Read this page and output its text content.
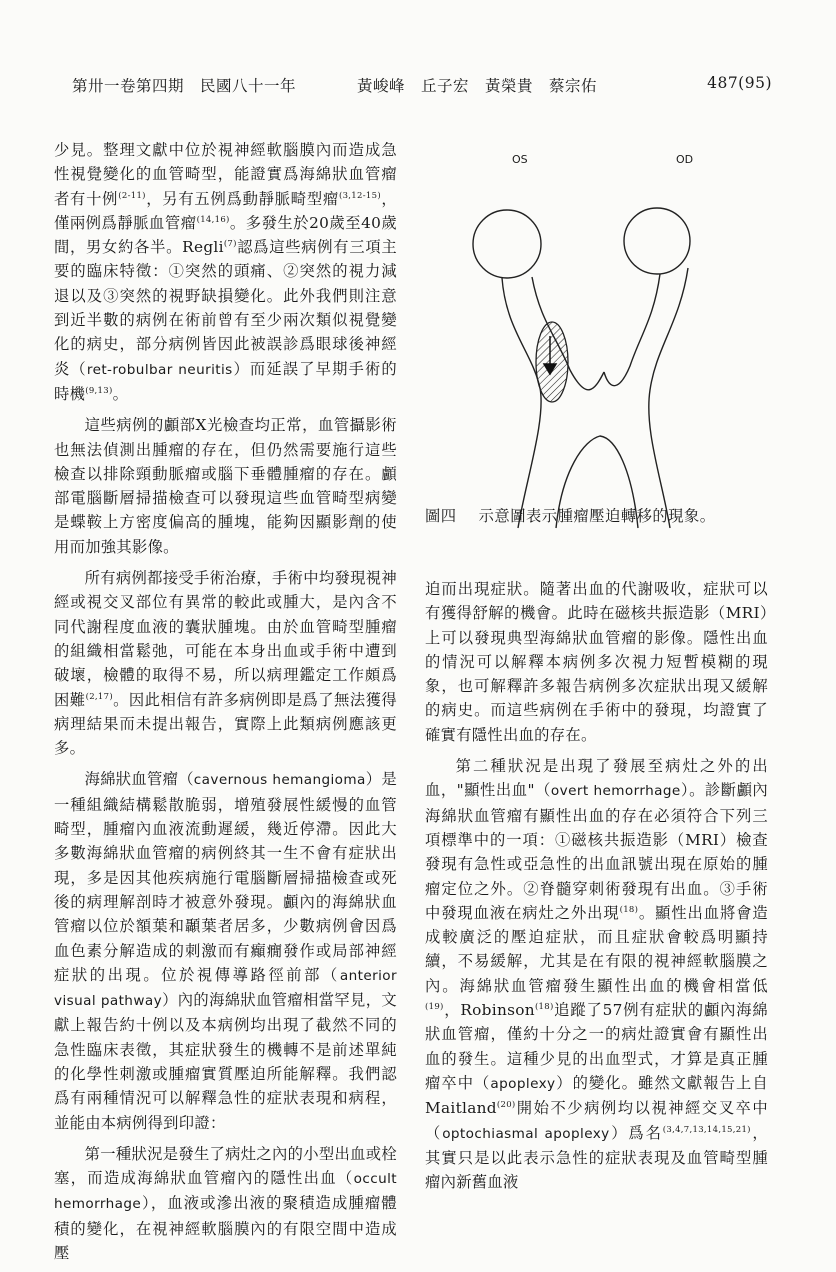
第卅一卷第四期　民國八十一年	黃峻峰　丘子宏　黃榮貴　蔡宗佑	487(95)

少見。整理文獻中位於視神經軟腦膜內而造成急性視覺變化的血管畸型，能證實爲海綿狀血管瘤者有十例$^{(2-11)}$，另有五例爲動靜脈畸型瘤$^{(3,12-15)}$，僅兩例爲靜脈血管瘤$^{(14,16)}$。多發生於20歲至40歲間，男女約各半。Regli$^{(7)}$認爲這些病例有三項主要的臨床特徵：①突然的頭痛、②突然的視力減退以及③突然的視野缺損變化。此外我們則注意到近半數的病例在術前曾有至少兩次類似視覺變化的病史，部分病例皆因此被誤診爲眼球後神經炎（ret-robulbar neuritis）而延誤了早期手術的時機$^{(9,13)}$。

這些病例的顱部X光檢查均正常，血管攝影術也無法偵測出腫瘤的存在，但仍然需要施行這些檢查以排除頸動脈瘤或腦下垂體腫瘤的存在。顱部電腦斷層掃描檢查可以發現這些血管畸型病變是蝶鞍上方密度偏高的腫塊，能夠因顯影劑的使用而加強其影像。

所有病例都接受手術治療，手術中均發現視神經或視交叉部位有異常的較此或腫大，是內含不同代謝程度血液的囊狀腫塊。由於血管畸型腫瘤的組織相當鬆弛，可能在本身出血或手術中遭到破壞，檢體的取得不易，所以病理鑑定工作頗爲困難$^{(2,17)}$。因此相信有許多病例即是爲了無法獲得病理結果而未提出報告，實際上此類病例應該更多。

海綿狀血管瘤（cavernous hemangioma）是一種組織結構鬆散脆弱，增殖發展性緩慢的血管畸型，腫瘤內血液流動遲緩，幾近停滯。因此大多數海綿狀血管瘤的病例終其一生不會有症狀出現，多是因其他疾病施行電腦斷層掃描檢查或死後的病理解剖時才被意外發現。顱內的海綿狀血管瘤以位於額葉和顳葉者居多，少數病例會因爲血色素分解造成的刺激而有癲癇發作或局部神經症狀的出現。位於視傳導路徑前部（anterior visual pathway）內的海綿狀血管瘤相當罕見，文獻上報告約十例以及本病例均出現了截然不同的急性臨床表徵，其症狀發生的機轉不是前述單純的化學性刺激或腫瘤實質壓迫所能解釋。我們認爲有兩種情況可以解釋急性的症狀表現和病程，並能由本病例得到印證：

第一種狀況是發生了病灶之內的小型出血或栓塞，而造成海綿狀血管瘤內的隱性出血（occult hemorrhage），血液或滲出液的聚積造成腫瘤體積的變化，在視神經軟腦膜內的有限空間中造成壓

OS	OD
圖四 示意圖表示腫瘤壓迫轉移的現象。

迫而出現症狀。隨著出血的代謝吸收，症狀可以有獲得舒解的機會。此時在磁核共振造影（MRI）上可以發現典型海綿狀血管瘤的影像。隱性出血的情況可以解釋本病例多次視力短暫模糊的現象，也可解釋許多報告病例多次症狀出現又緩解的病史。而這些病例在手術中的發現，均證實了確實有隱性出血的存在。

第二種狀況是出現了發展至病灶之外的出血，"顯性出血"（overt hemorrhage）。診斷顱內海綿狀血管瘤有顯性出血的存在必須符合下列三項標準中的一項：①磁核共振造影（MRI）檢查發現有急性或亞急性的出血訊號出現在原始的腫瘤定位之外。②脊髓穿刺術發現有出血。③手術中發現血液在病灶之外出現$^{(18)}$。顯性出血將會造成較廣泛的壓迫症狀，而且症狀會較爲明顯持續，不易緩解，尤其是在有限的視神經軟腦膜之內。海綿狀血管瘤發生顯性出血的機會相當低$^{(19)}$，Robinson$^{(18)}$追蹤了57例有症狀的顱內海綿狀血管瘤，僅約十分之一的病灶證實會有顯性出血的發生。這種少見的出血型式，才算是真正腫瘤卒中（apoplexy）的變化。雖然文獻報告上自Maitland$^{(20)}$開始不少病例均以視神經交叉卒中（optochiasmal apoplexy）爲名$^{(3,4,7,13,14,15,21)}$，其實只是以此表示急性的症狀表現及血管畸型腫瘤內新舊血液
